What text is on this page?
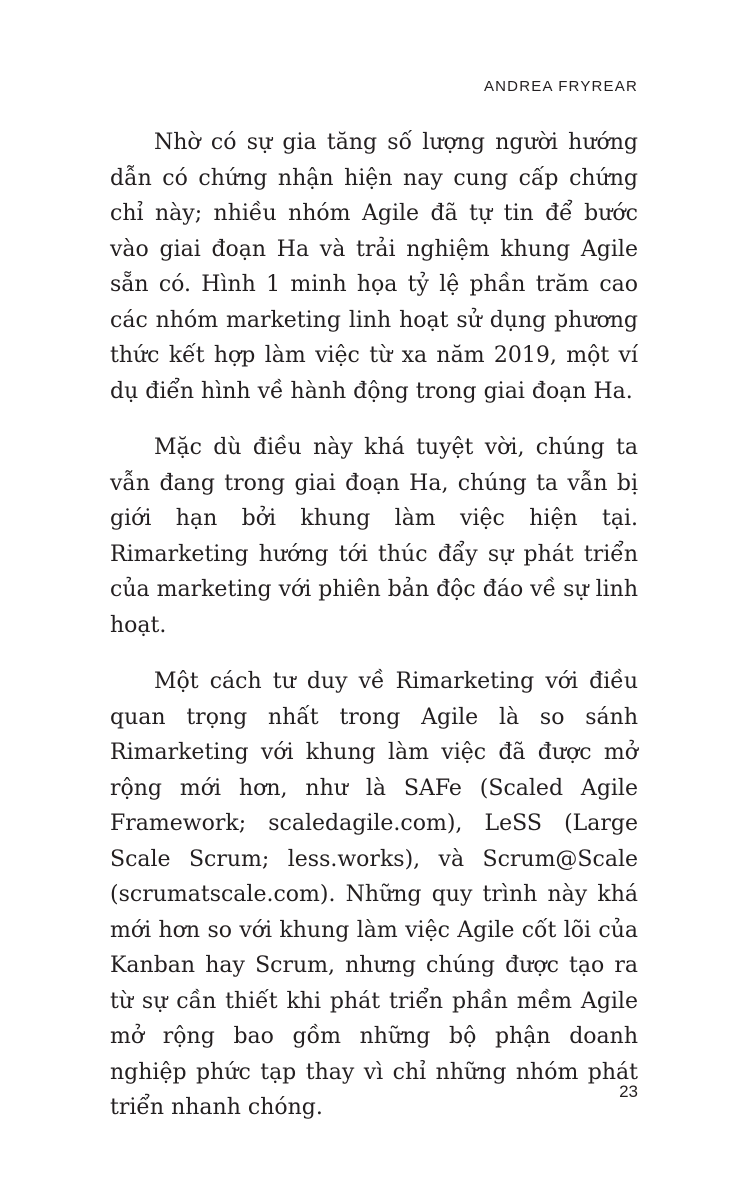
ANDREA FRYREAR

Nhờ có sự gia tăng số lượng người hướng dẫn có chứng nhận hiện nay cung cấp chứng chỉ này; nhiều nhóm Agile đã tự tin để bước vào giai đoạn Ha và trải nghiệm khung Agile sẵn có. Hình 1 minh họa tỷ lệ phần trăm cao các nhóm marketing linh hoạt sử dụng phương thức kết hợp làm việc từ xa năm 2019, một ví dụ điển hình về hành động trong giai đoạn Ha.

Mặc dù điều này khá tuyệt vời, chúng ta vẫn đang trong giai đoạn Ha, chúng ta vẫn bị giới hạn bởi khung làm việc hiện tại. Rimarketing hướng tới thúc đẩy sự phát triển của marketing với phiên bản độc đáo về sự linh hoạt.

Một cách tư duy về Rimarketing với điều quan trọng nhất trong Agile là so sánh Rimarketing với khung làm việc đã được mở rộng mới hơn, như là SAFe (Scaled Agile Framework; scaledagile.com), LeSS (Large Scale Scrum; less.works), và Scrum@Scale (scrumatscale.com). Những quy trình này khá mới hơn so với khung làm việc Agile cốt lõi của Kanban hay Scrum, nhưng chúng được tạo ra từ sự cần thiết khi phát triển phần mềm Agile mở rộng bao gồm những bộ phận doanh nghiệp phức tạp thay vì chỉ những nhóm phát triển nhanh chóng.

23
